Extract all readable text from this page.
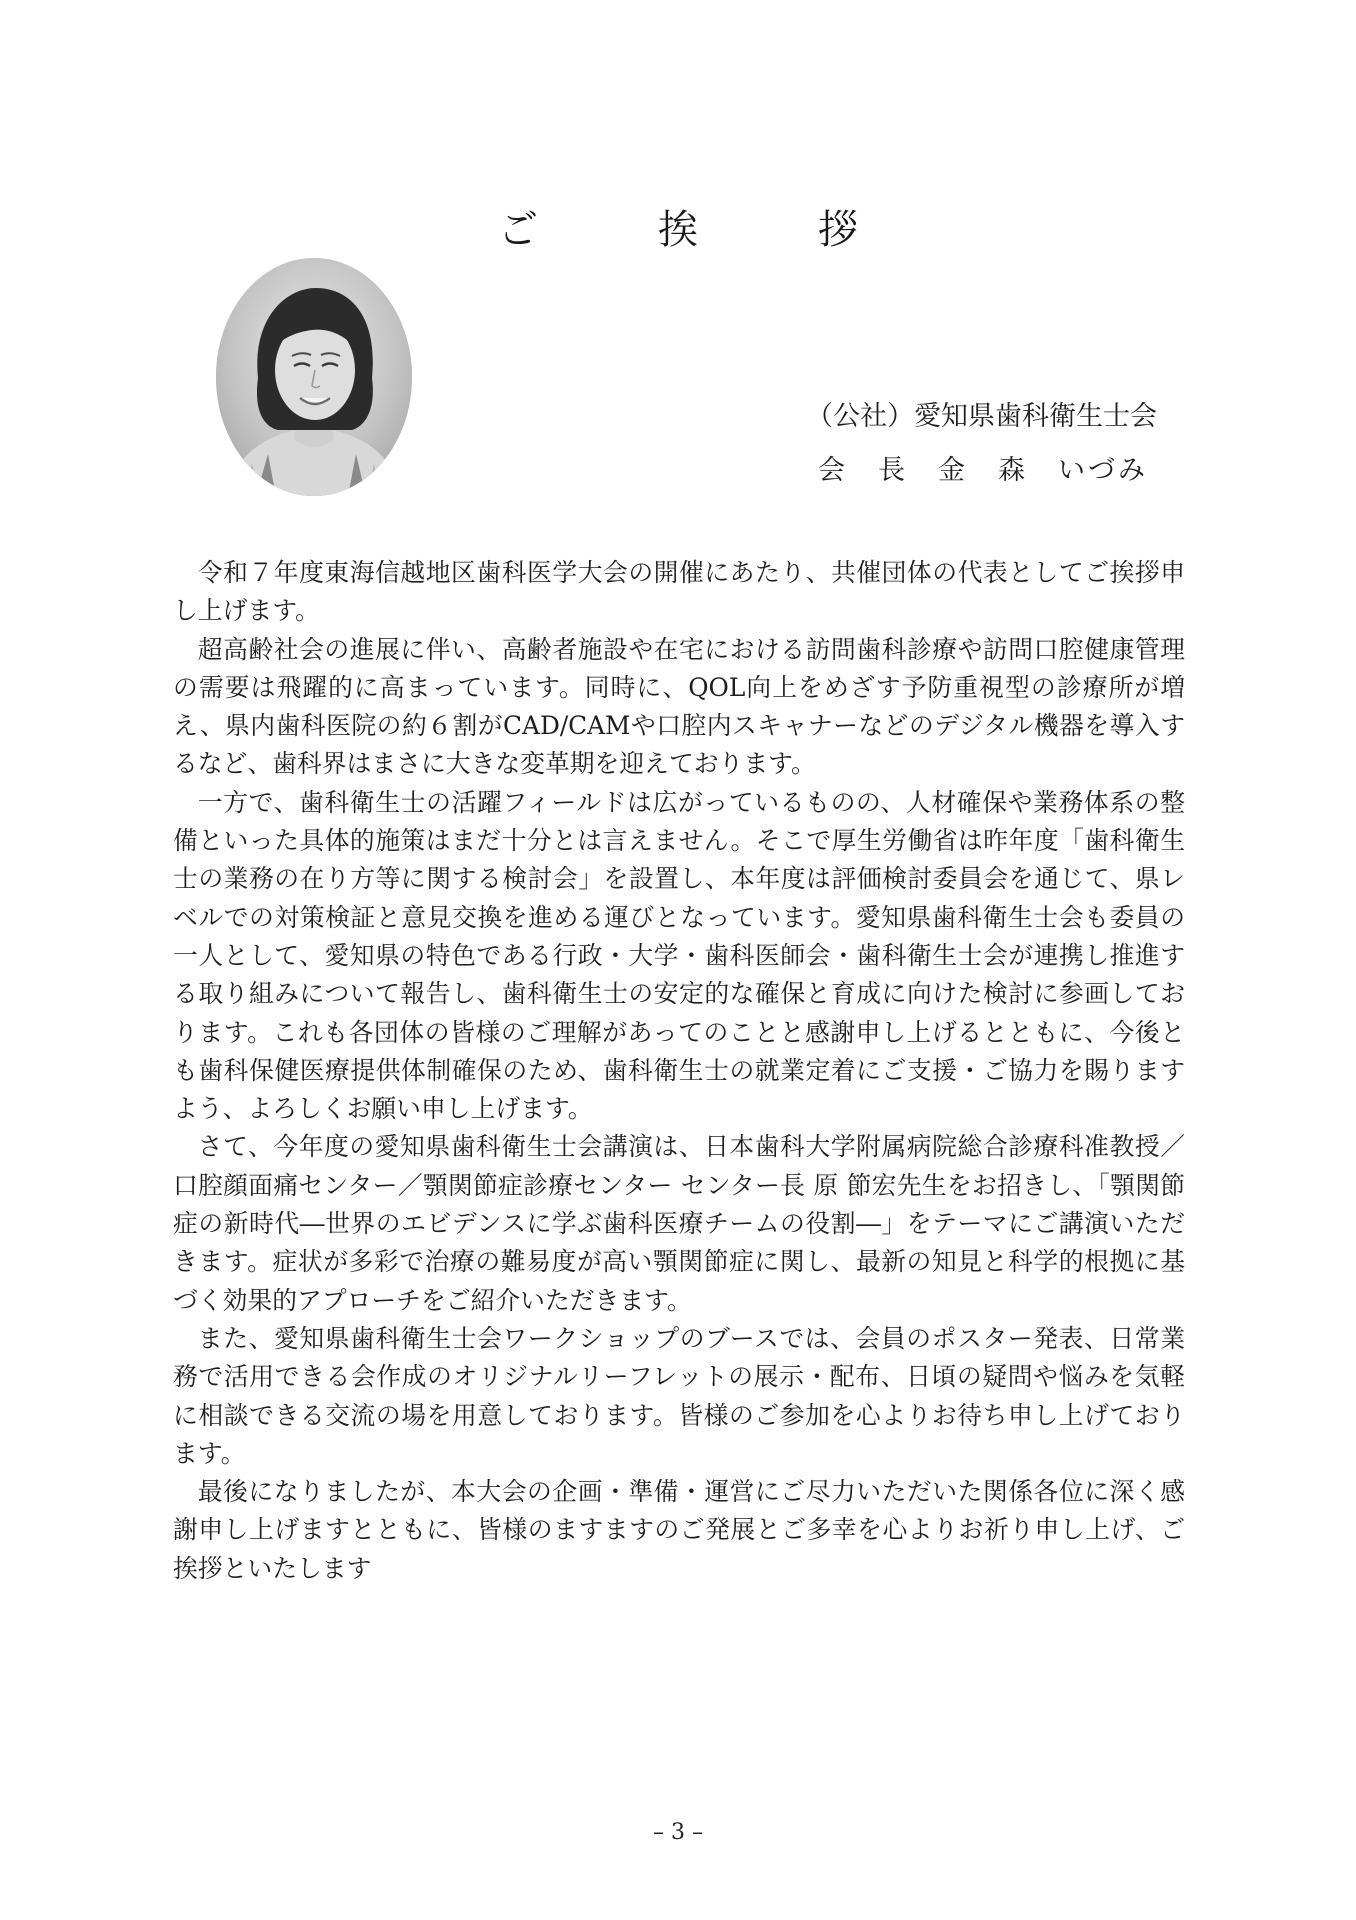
ご　挨　拶
（公社）愛知県歯科衛生士会
会　長　金　森　いづみ

令和７年度東海信越地区歯科医学大会の開催にあたり、共催団体の代表としてご挨拶申し上げます。

超高齢社会の進展に伴い、高齢者施設や在宅における訪問歯科診療や訪問口腔健康管理の需要は飛躍的に高まっています。同時に、QOL向上をめざす予防重視型の診療所が増え、県内歯科医院の約６割がCAD/CAMや口腔内スキャナーなどのデジタル機器を導入するなど、歯科界はまさに大きな変革期を迎えております。

一方で、歯科衛生士の活躍フィールドは広がっているものの、人材確保や業務体系の整備といった具体的施策はまだ十分とは言えません。そこで厚生労働省は昨年度「歯科衛生士の業務の在り方等に関する検討会」を設置し、本年度は評価検討委員会を通じて、県レベルでの対策検証と意見交換を進める運びとなっています。愛知県歯科衛生士会も委員の一人として、愛知県の特色である行政・大学・歯科医師会・歯科衛生士会が連携し推進する取り組みについて報告し、歯科衛生士の安定的な確保と育成に向けた検討に参画しております。これも各団体の皆様のご理解があってのことと感謝申し上げるとともに、今後とも歯科保健医療提供体制確保のため、歯科衛生士の就業定着にご支援・ご協力を賜りますよう、よろしくお願い申し上げます。

さて、今年度の愛知県歯科衛生士会講演は、日本歯科大学附属病院総合診療科准教授／口腔顔面痛センター／顎関節症診療センター センター長 原 節宏先生をお招きし、「顎関節症の新時代―世界のエビデンスに学ぶ歯科医療チームの役割―」をテーマにご講演いただきます。症状が多彩で治療の難易度が高い顎関節症に関し、最新の知見と科学的根拠に基づく効果的アプローチをご紹介いただきます。

また、愛知県歯科衛生士会ワークショップのブースでは、会員のポスター発表、日常業務で活用できる会作成のオリジナルリーフレットの展示・配布、日頃の疑問や悩みを気軽に相談できる交流の場を用意しております。皆様のご参加を心よりお待ち申し上げております。

最後になりましたが、本大会の企画・準備・運営にご尽力いただいた関係各位に深く感謝申し上げますとともに、皆様のますますのご発展とご多幸を心よりお祈り申し上げ、ご挨拶といたします

– 3 –
